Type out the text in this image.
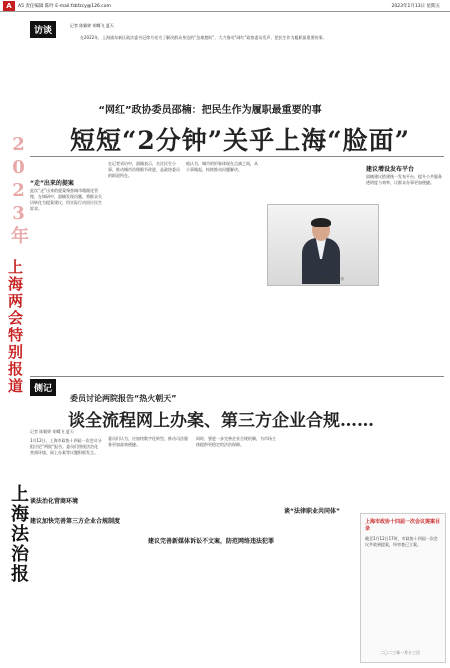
A	A5 责任编辑 陈吟 E-mail:fzbfzcy@126.com	2023年1月13日 星期五
2023年
上海两会特别报道
上海法治报
访谈
记者 陈颖婷 胡蝶飞 夏天
在2022年，上海浦东新区政法委书记徐月亮为了解决群众身边的“急难愁盼”，大力推动“网红”政协委员发声，把民生作为履职最重要的事。
“网红”政协委员邵楠：把民生作为履职最重要的事
短短“2分钟”关乎上海“脸面”
“走”出来的提案
此次“走”出来的提案聚焦城市精细化管理，在调研中，邵楠发现问题，将群众关切转化为提案建议，用实际行动回应民生诉求。
在记者采访中，邵楠表示，关注民生小事，推动城市治理细节改进，是政协委员的职责所在。
他认为，城市的形象体现在点滴之间，从小事做起，持续推动问题解决。	建议增设发布平台
邵楠建议搭建统一发布平台，提升公共服务透明度与效率，让群众办事更加便捷。
政协委员邵楠接受记者专访
侧记
委员讨论两院报告“热火朝天”
谈全流程网上办案、第三方企业合规……
记者 陈颖婷 胡蝶飞 夏天
1月12日，上海市政协十四届一次会议分组讨论“两院”报告。委员们围绕法治化营商环境、网上办案等议题积极发言。
谈法治化营商环境
建议加快完善第三方企业合规制度
委员们认为，应加快数字化转型，推动司法服务更加高效便捷。
建议完善新媒体诉讼不文案，防范网络违法犯罪
同时，要进一步完善企业合规机制，为市场主体提供更稳定的法治保障。
谈“法律职业共同体”
上海市政协十四届一次会议提案目录
截至1月12日17时，市政协十四届一次会议共收到提案，经审查已立案。
二〇二三年一月十三日
